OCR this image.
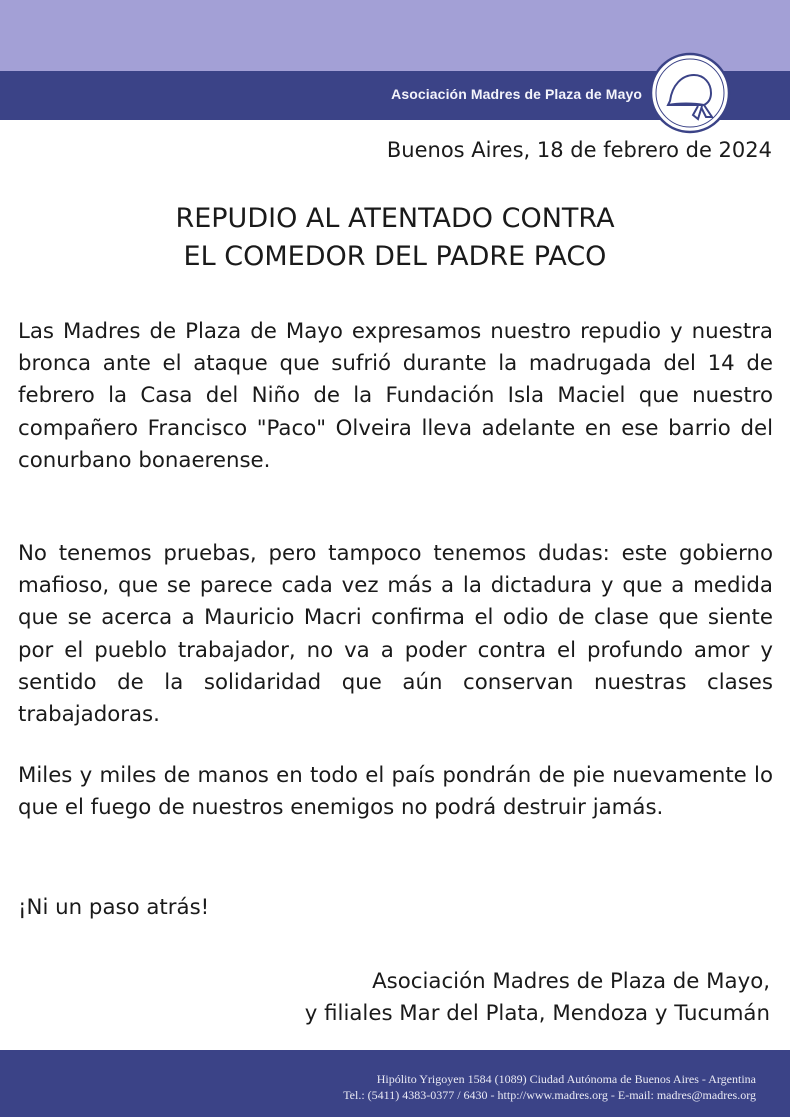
Asociación Madres de Plaza de Mayo
Buenos Aires, 18 de febrero de 2024
REPUDIO AL ATENTADO CONTRA
EL COMEDOR DEL PADRE PACO
Las Madres de Plaza de Mayo expresamos nuestro repudio y nuestra bronca ante el ataque que sufrió durante la madrugada del 14 de febrero la Casa del Niño de la Fundación Isla Maciel que nuestro compañero Francisco "Paco" Olveira lleva adelante en ese barrio del conurbano bonaerense.
No tenemos pruebas, pero tampoco tenemos dudas: este gobierno mafioso, que se parece cada vez más a la dictadura y que a medida que se acerca a Mauricio Macri confirma el odio de clase que siente por el pueblo trabajador, no va a poder contra el profundo amor y sentido de la solidaridad que aún conservan nuestras clases trabajadoras.
Miles y miles de manos en todo el país pondrán de pie nuevamente lo que el fuego de nuestros enemigos no podrá destruir jamás.
¡Ni un paso atrás!
Asociación Madres de Plaza de Mayo,
y filiales Mar del Plata, Mendoza y Tucumán
Hipólito Yrigoyen 1584 (1089) Ciudad Autónoma de Buenos Aires - Argentina
Tel.: (5411) 4383-0377 / 6430 - http://www.madres.org - E-mail: madres@madres.org
